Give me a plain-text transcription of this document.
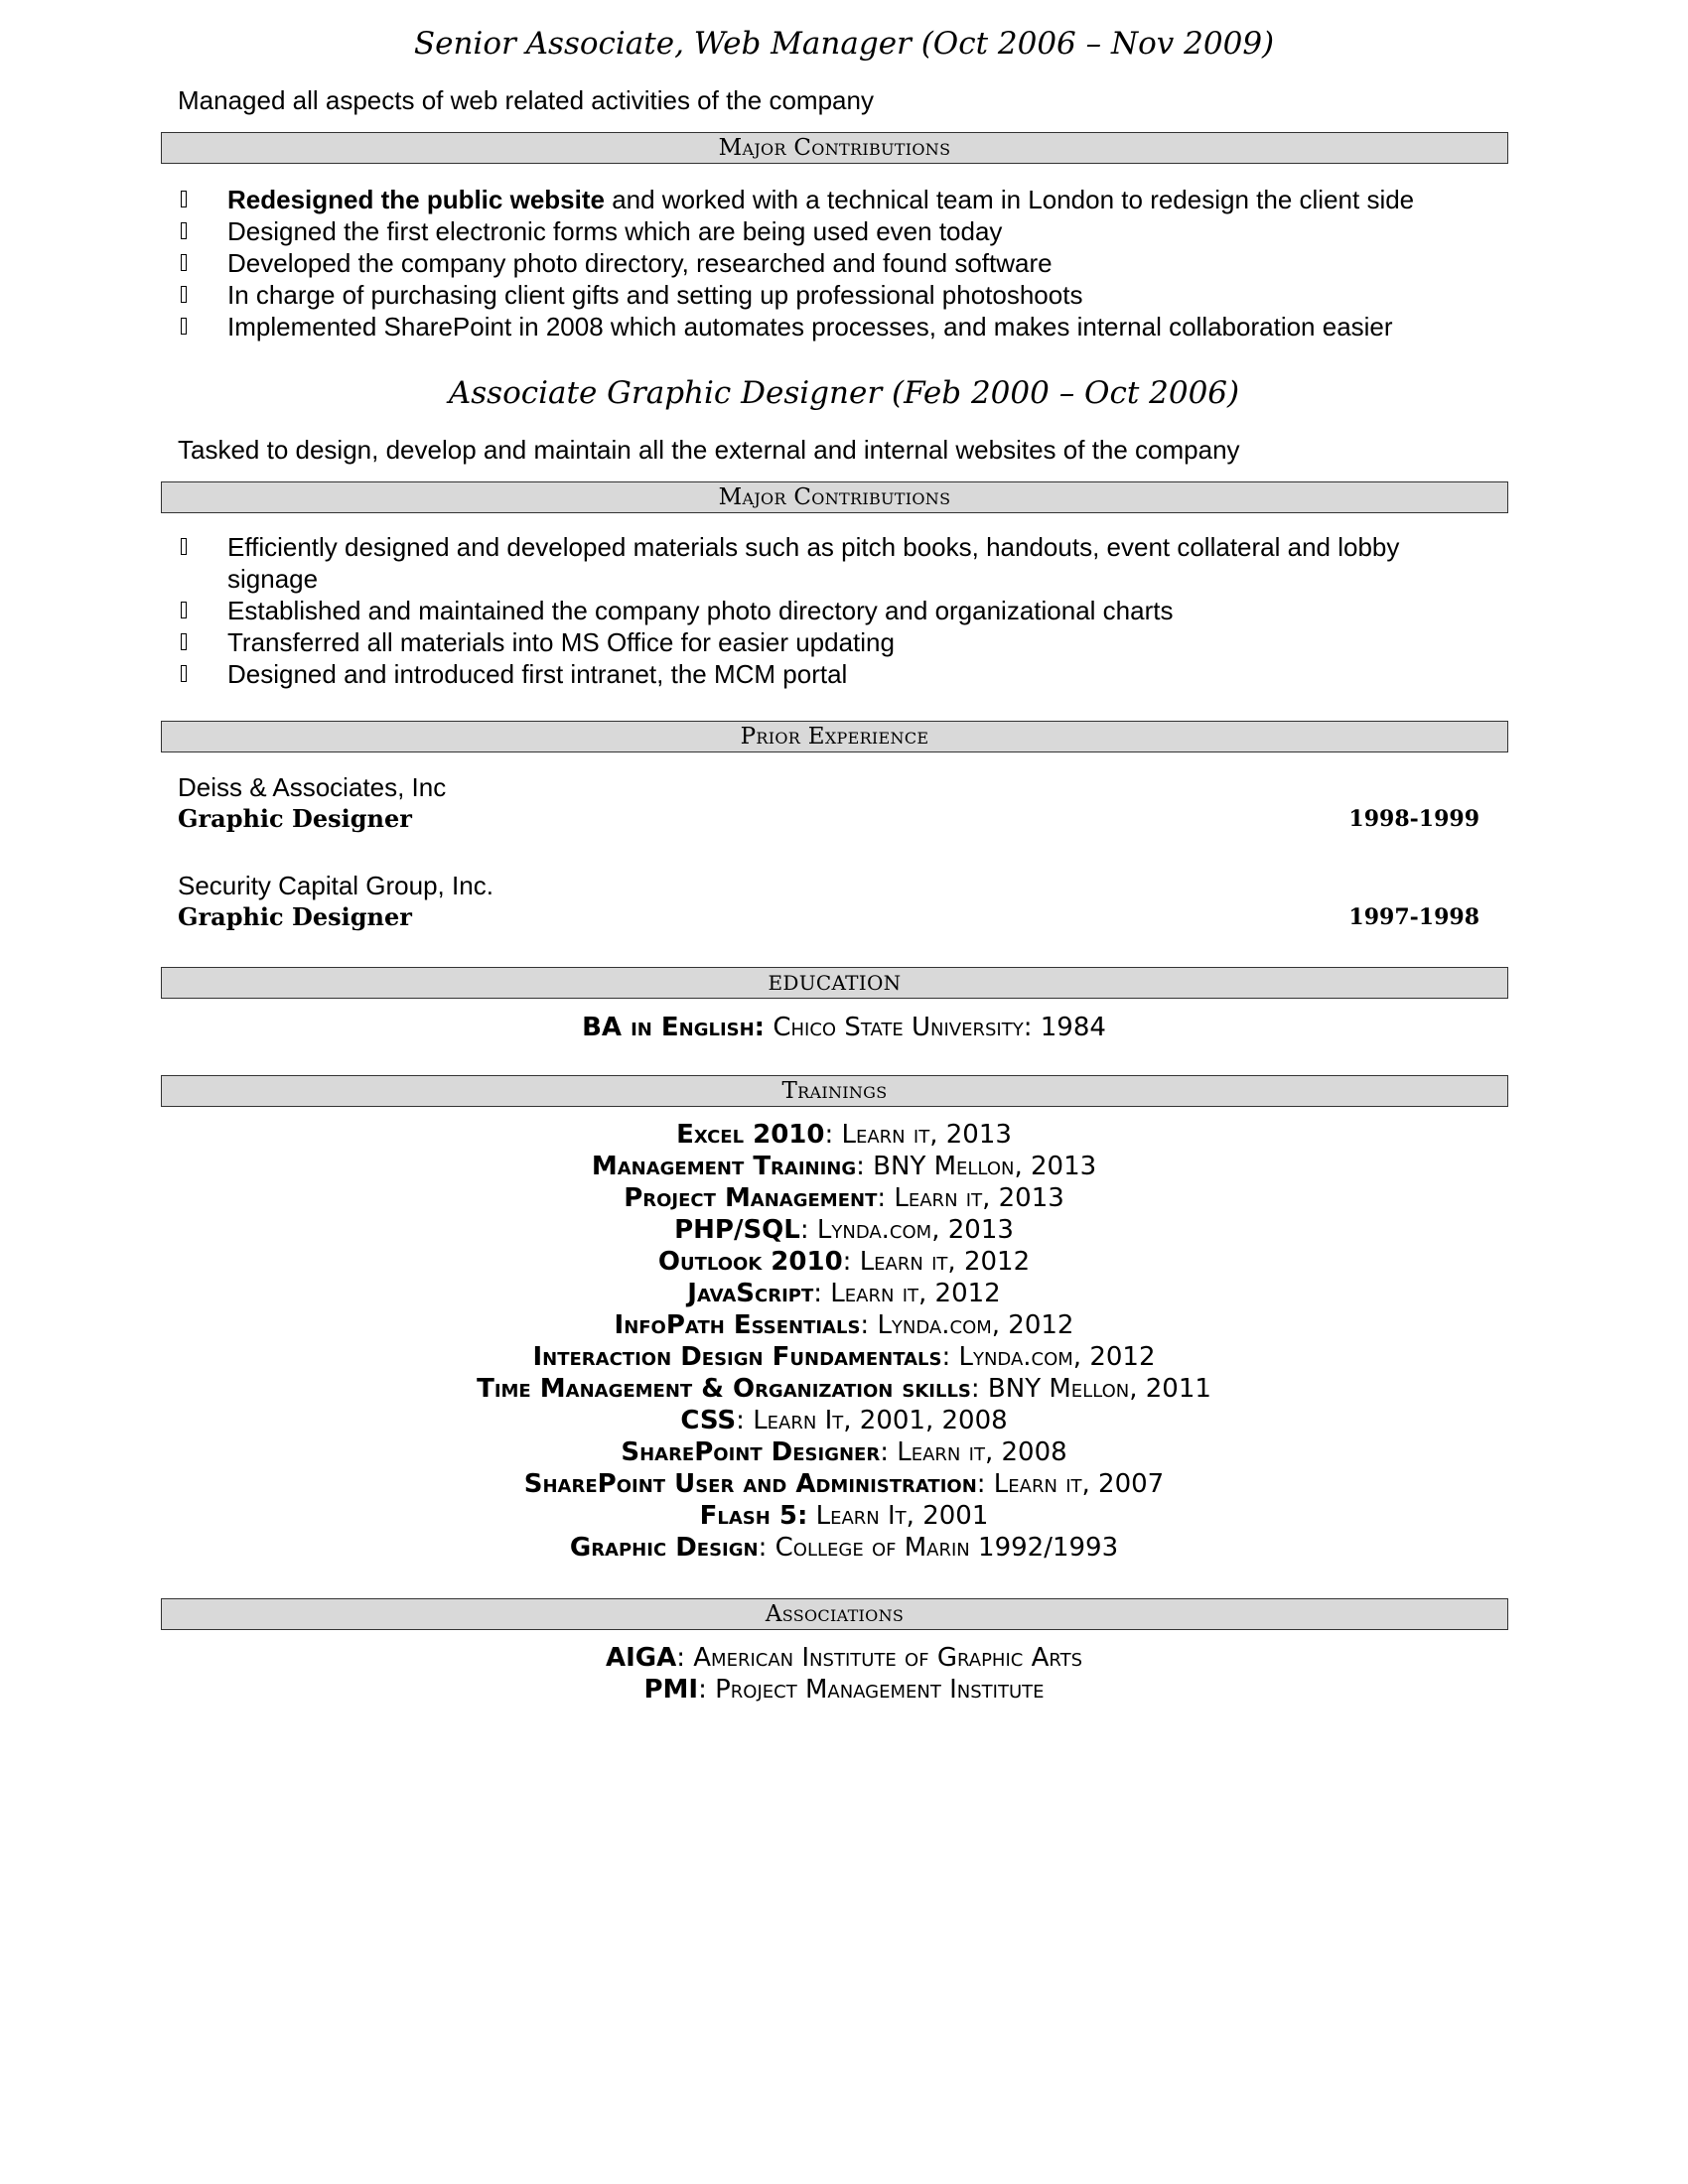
Senior Associate, Web Manager (Oct 2006 – Nov 2009)
Managed all aspects of web related activities of the company
Major Contributions
Redesigned the public website and worked with a technical team in London to redesign the client side
Designed the first electronic forms which are being used even today
Developed the company photo directory, researched and found software
In charge of purchasing client gifts and setting up professional photoshoots
Implemented SharePoint in 2008 which automates processes, and makes internal collaboration easier
Associate Graphic Designer (Feb 2000 – Oct 2006)
Tasked to design, develop and maintain all the external and internal websites of the company
Major Contributions
Efficiently designed and developed materials such as pitch books, handouts, event collateral and lobby signage
Established and maintained the company photo directory and organizational charts
Transferred all materials into MS Office for easier updating
Designed and introduced first intranet, the MCM portal
Prior Experience
Deiss & Associates, Inc
Graphic Designer	1998-1999
Security Capital Group, Inc.
Graphic Designer	1997-1998
EDUCATION
BA in English: Chico State University: 1984
Trainings
Excel 2010: Learn it, 2013
Management Training: BNY Mellon, 2013
Project Management: Learn it, 2013
PHP/SQL: Lynda.com, 2013
Outlook 2010: Learn it, 2012
JavaScript: Learn it, 2012
InfoPath Essentials: Lynda.com, 2012
Interaction Design Fundamentals: Lynda.com, 2012
Time Management & Organization skills: BNY Mellon, 2011
CSS: Learn It, 2001, 2008
SharePoint Designer: Learn it, 2008
SharePoint User and Administration: Learn it, 2007
Flash 5: Learn It, 2001
Graphic Design: College of Marin 1992/1993
Associations
AIGA: American Institute of Graphic Arts
PMI: Project Management Institute
